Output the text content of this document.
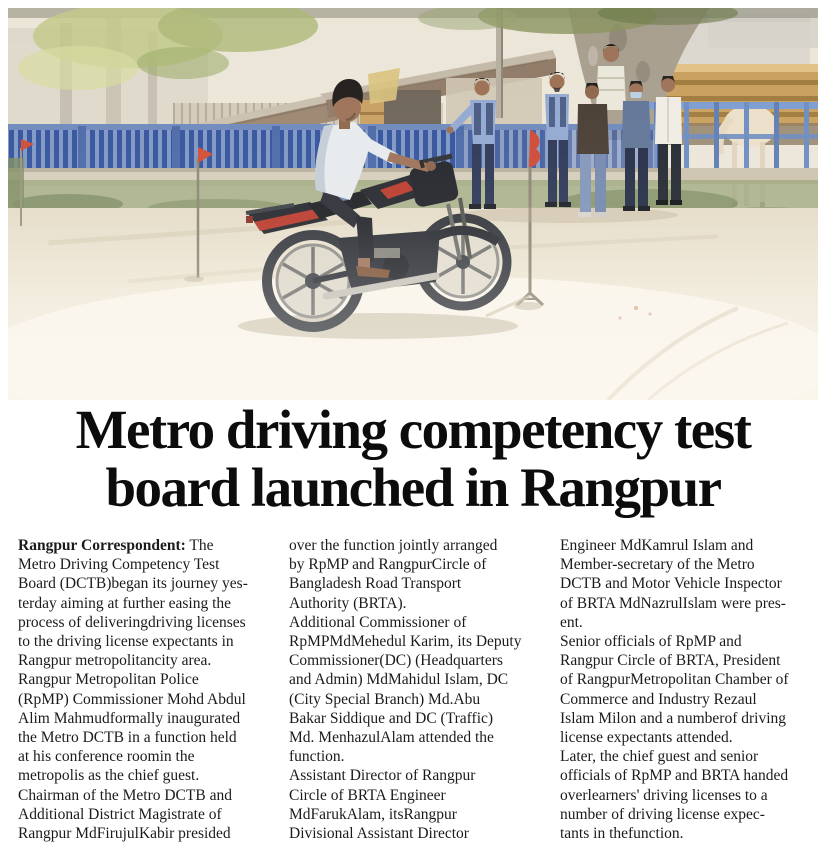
Metro driving competency test
board launched in Rangpur
Rangpur Correspondent: The
Metro Driving Competency Test
Board (DCTB)began its journey yes-
terday aiming at further easing the
process of deliveringdriving licenses
to the driving license expectants in
Rangpur metropolitancity area.
Rangpur Metropolitan Police
(RpMP) Commissioner Mohd Abdul
Alim Mahmudformally inaugurated
the Metro DCTB in a function held
at his conference roomin the
metropolis as the chief guest.
Chairman of the Metro DCTB and
Additional District Magistrate of
Rangpur MdFirujulKabir presided
over the function jointly arranged
by RpMP and RangpurCircle of
Bangladesh Road Transport
Authority (BRTA).
Additional Commissioner of
RpMPMdMehedul Karim, its Deputy
Commissioner(DC) (Headquarters
and Admin) MdMahidul Islam, DC
(City Special Branch) Md.Abu
Bakar Siddique and DC (Traffic)
Md. MenhazulAlam attended the
function.
Assistant Director of Rangpur
Circle of BRTA Engineer
MdFarukAlam, itsRangpur
Divisional Assistant Director
Engineer MdKamrul Islam and
Member-secretary of the Metro
DCTB and Motor Vehicle Inspector
of BRTA MdNazrulIslam were pres-
ent.
Senior officials of RpMP and
Rangpur Circle of BRTA, President
of RangpurMetropolitan Chamber of
Commerce and Industry Rezaul
Islam Milon and a numberof driving
license expectants attended.
Later, the chief guest and senior
officials of RpMP and BRTA handed
overlearners' driving licenses to a
number of driving license expec-
tants in thefunction.
